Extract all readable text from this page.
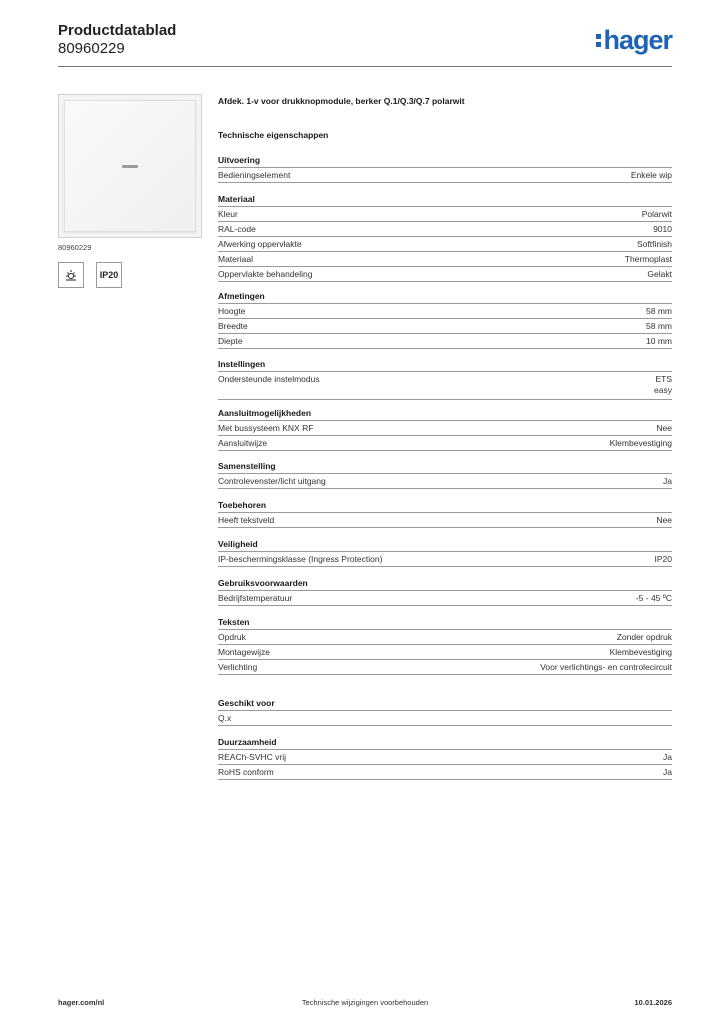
Productdatablad
80960229	hager
80960229
IP20
Afdek. 1-v voor drukknopmodule, berker Q.1/Q.3/Q.7 polarwit
Technische eigenschappen
Uitvoering
Bedieningselement	Enkele wip
Materiaal
Kleur	Polarwit
RAL-code	9010
Afwerking oppervlakte	Softfinish
Materiaal	Thermoplast
Oppervlakte behandeling	Gelakt
Afmetingen
Hoogte	58 mm
Breedte	58 mm
Diepte	10 mm
Instellingen
Ondersteunde instelmodus	ETS
easy
Aansluitmogelijkheden
Met bussysteem KNX RF	Nee
Aansluitwijze	Klembevestiging
Samenstelling
Controlevenster/licht uitgang	Ja
Toebehoren
Heeft tekstveld	Nee
Veiligheid
IP-beschermingsklasse (Ingress Protection)	IP20
Gebruiksvoorwaarden
Bedrijfstemperatuur	-5 - 45 ºC
Teksten
Opdruk	Zonder opdruk
Montagewijze	Klembevestiging
Verlichting	Voor verlichtings- en controlecircuit
Geschikt voor
Q.x
Duurzaamheid
REACh-SVHC vrij	Ja
RoHS conform	Ja
hager.com/nl	Technische wijzigingen voorbehouden	10.01.2026
